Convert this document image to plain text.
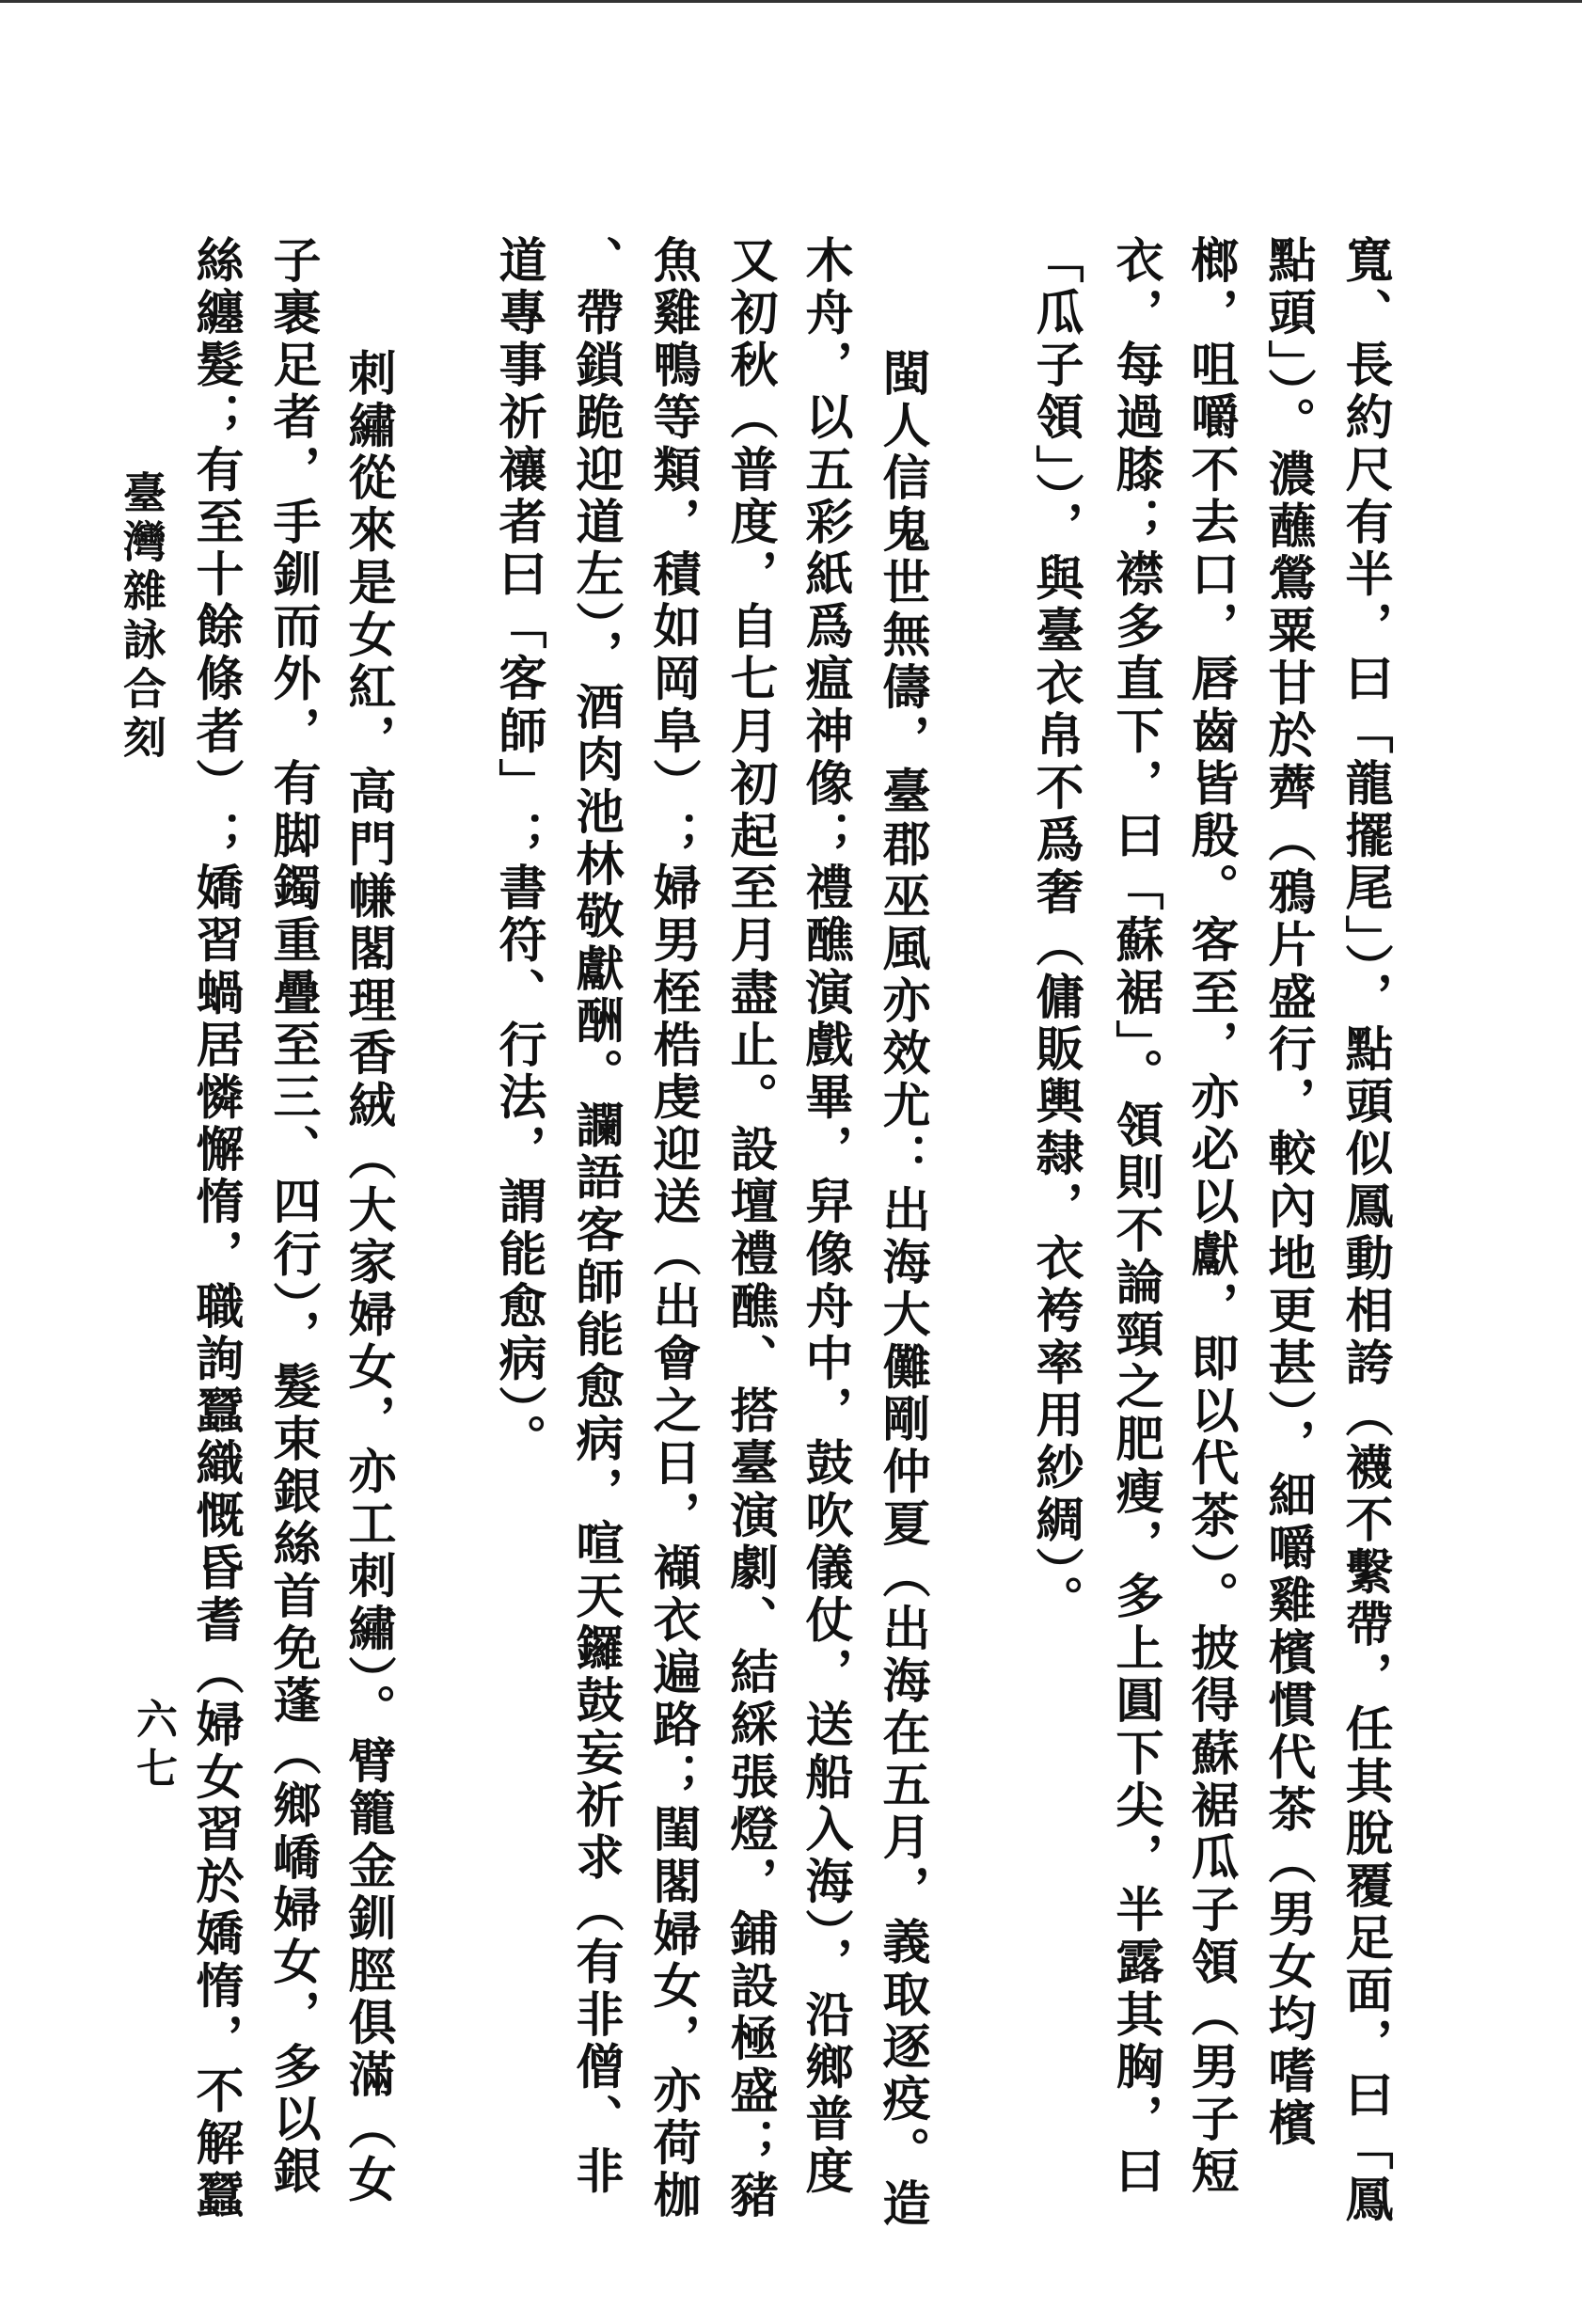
寬、長約尺有半，曰「龍擺尾」），點頭似鳳動相誇（襪不繫帶，任其脫覆足面，曰「鳳
點頭」）。濃蘸鶯粟甘於薺（鴉片盛行，較內地更甚），細嚼雞檳慣代茶（男女均嗜檳
榔，咀嚼不去口，唇齒皆殷。客至，亦必以獻，即以代茶）。披得蘇裾瓜子領（男子短
衣，每過膝；襟多直下，曰「蘇裾」。領則不論頸之肥瘦，多上圓下尖，半露其胸，曰
「瓜子領」），與臺衣帛不爲奢（傭販輿隸，衣袴率用紗綢）。
閩人信鬼世無儔，臺郡巫風亦效尤：出海大儺剛仲夏（出海在五月，義取逐疫。造
木舟，以五彩紙爲瘟神像；禮醮演戲畢，舁像舟中，鼓吹儀仗，送船入海），沿鄉普度
又初秋（普度，自七月初起至月盡止。設壇禮醮、搭臺演劇、結綵張燈，鋪設極盛；豬
魚雞鴨等類，積如岡阜）；婦男桎梏虔迎送（出會之日，襭衣遍路；閨閣婦女，亦荷枷
、帶鎖跪迎道左），酒肉池林敬獻酬。讕語客師能愈病，喧天鑼鼓妄祈求（有非僧、非
道專事祈禳者曰「客師」；書符、行法，謂能愈病）。
刺繡從來是女紅，高門㡘閣理香絨（大家婦女，亦工刺繡）。臂籠金釧脛俱滿（女
子裹足者，手釧而外，有脚鐲重疊至三、四行），髮束銀絲首免蓬（鄉嶠婦女，多以銀
絲纏髮；有至十餘條者）；嬌習蝸居憐懈惰，職詢蠶織慨昏耆（婦女習於嬌惰，不解蠶
臺灣雜詠合刻
六七
